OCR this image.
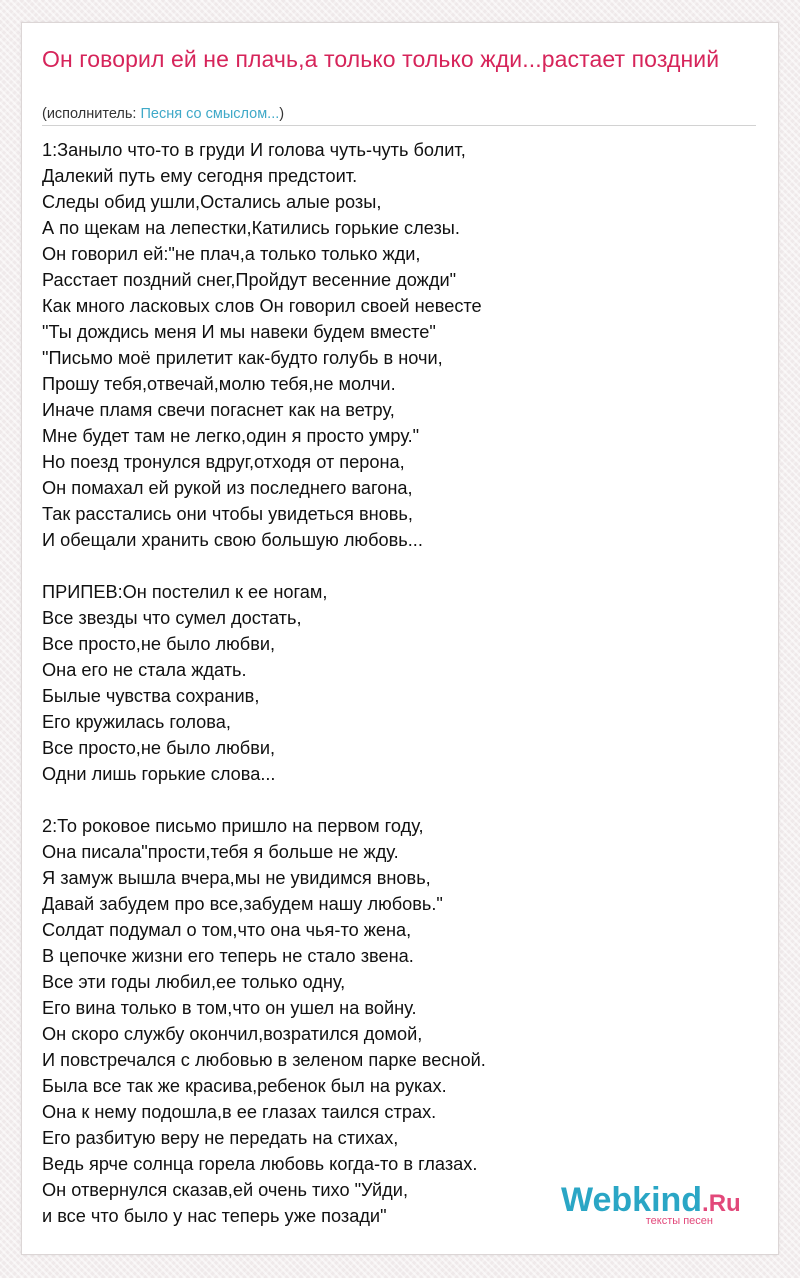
Он говорил ей не плачь,а только только жди...растает поздний
(исполнитель: Песня со смыслом...)
1:Заныло что-то в груди И голова чуть-чуть болит,
Далекий путь ему сегодня предстоит.
Следы обид ушли,Остались алые розы,
А по щекам на лепестки,Катились горькие слезы.
Он говорил ей:"не плач,а только только жди,
Расстает поздний снег,Пройдут весенние дожди"
Как много ласковых слов Он говорил своей невесте
"Ты дождись меня И мы навеки будем вместе"
"Письмо моё прилетит как-будто голубь в ночи,
Прошу тебя,отвечай,молю тебя,не молчи.
Иначе пламя свечи погаснет как на ветру,
Мне будет там не легко,один я просто умру."
Но поезд тронулся вдруг,отходя от перона,
Он помахал ей рукой из последнего вагона,
Так расстались они чтобы увидеться вновь,
И обещали хранить свою большую любовь...
ПРИПЕВ:Он постелил к ее ногам,
Все звезды что сумел достать,
Все просто,не было любви,
Она его не стала ждать.
Былые чувства сохранив,
Его кружилась голова,
Все просто,не было любви,
Одни лишь горькие слова...
2:То роковое письмо пришло на первом году,
Она писала"прости,тебя я больше не жду.
Я замуж вышла вчера,мы не увидимся вновь,
Давай забудем про все,забудем нашу любовь."
Солдат подумал о том,что она чья-то жена,
В цепочке жизни его теперь не стало звена.
Все эти годы любил,ее только одну,
Его вина только в том,что он ушел на войну.
Он скоро службу окончил,возратился домой,
И повстречался с любовью в зеленом парке весной.
Была все так же красива,ребенок был на руках.
Она к нему подошла,в ее глазах таился страх.
Его разбитую веру не передать на стихах,
Ведь ярче солнца горела любовь когда-то в глазах.
Он отвернулся сказав,ей очень тихо "Уйди,
и все что было у нас теперь уже позади"	Webkind.Ru
тексты песен
